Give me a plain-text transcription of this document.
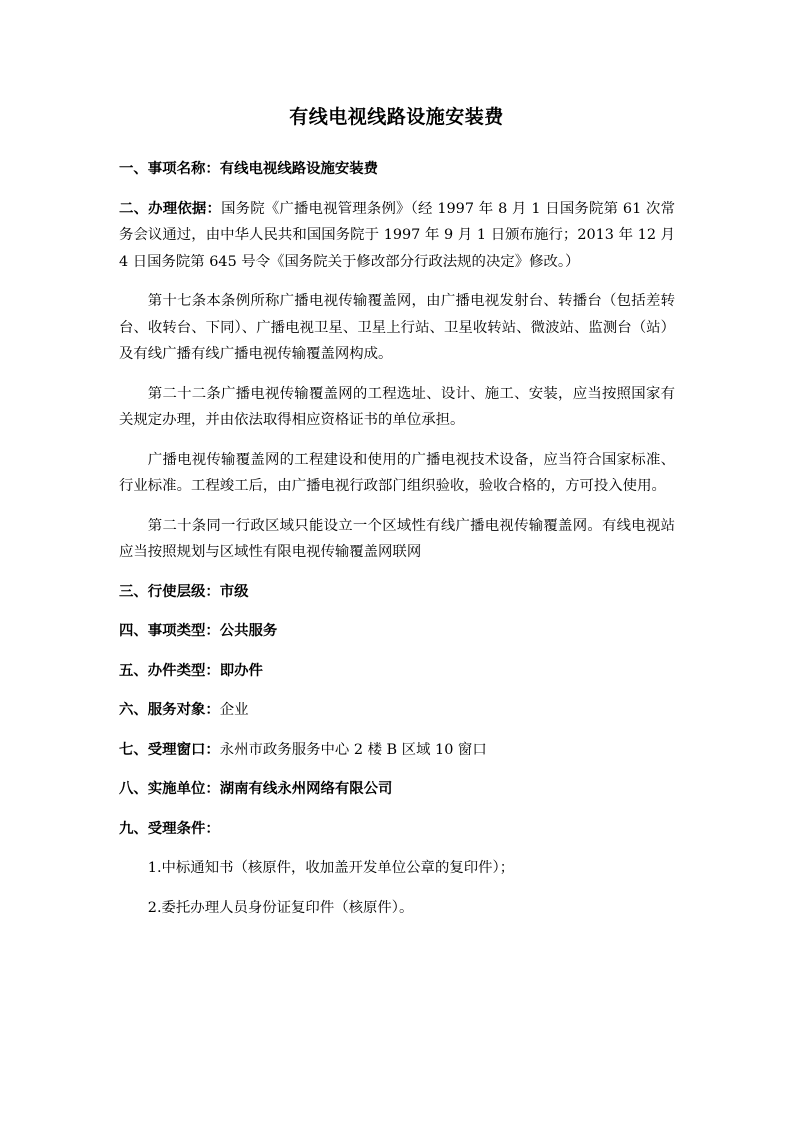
有线电视线路设施安装费

一、事项名称：有线电视线路设施安装费

二、办理依据：国务院《广播电视管理条例》（经 1997 年 8 月 1 日国务院第 61 次常务会议通过，由中华人民共和国国务院于 1997 年 9 月 1 日颁布施行；2013 年 12 月 4 日国务院第 645 号令《国务院关于修改部分行政法规的决定》修改。）

第十七条本条例所称广播电视传输覆盖网，由广播电视发射台、转播台（包括差转台、收转台、下同）、广播电视卫星、卫星上行站、卫星收转站、微波站、监测台（站）及有线广播有线广播电视传输覆盖网构成。

第二十二条广播电视传输覆盖网的工程选址、设计、施工、安装，应当按照国家有关规定办理，并由依法取得相应资格证书的单位承担。

广播电视传输覆盖网的工程建设和使用的广播电视技术设备，应当符合国家标准、行业标准。工程竣工后，由广播电视行政部门组织验收，验收合格的，方可投入使用。

第二十条同一行政区域只能设立一个区域性有线广播电视传输覆盖网。有线电视站应当按照规划与区域性有限电视传输覆盖网联网

三、行使层级：市级

四、事项类型：公共服务

五、办件类型：即办件

六、服务对象：企业

七、受理窗口：永州市政务服务中心 2 楼 B 区域 10 窗口

八、实施单位：湖南有线永州网络有限公司

九、受理条件：

1.中标通知书（核原件，收加盖开发单位公章的复印件）；
2.委托办理人员身份证复印件（核原件）。
